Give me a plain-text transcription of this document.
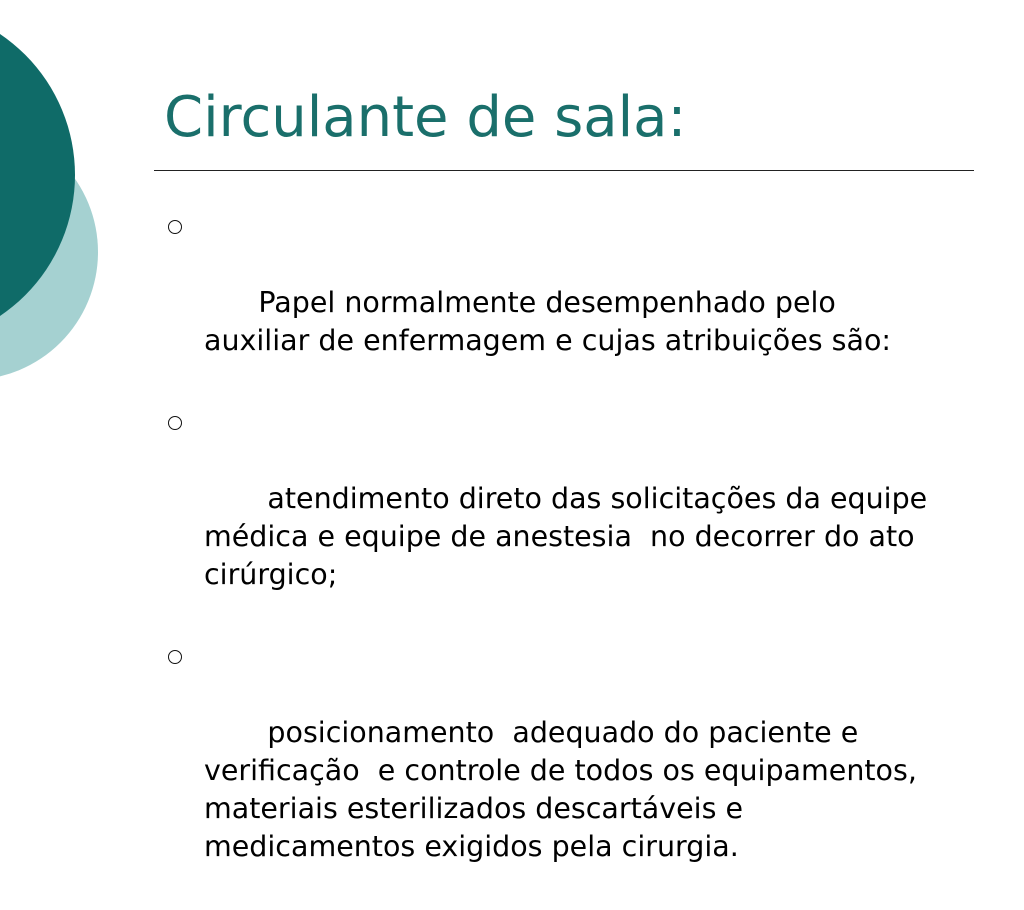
Circulante de sala:

Papel normalmente desempenhado pelo auxiliar de enfermagem e cujas atribuições são:

atendimento direto das solicitações da equipe médica e equipe de anestesia  no decorrer do ato cirúrgico;

posicionamento  adequado do paciente e verificação  e controle de todos os equipamentos, materiais esterilizados descartáveis e medicamentos exigidos pela cirurgia.
